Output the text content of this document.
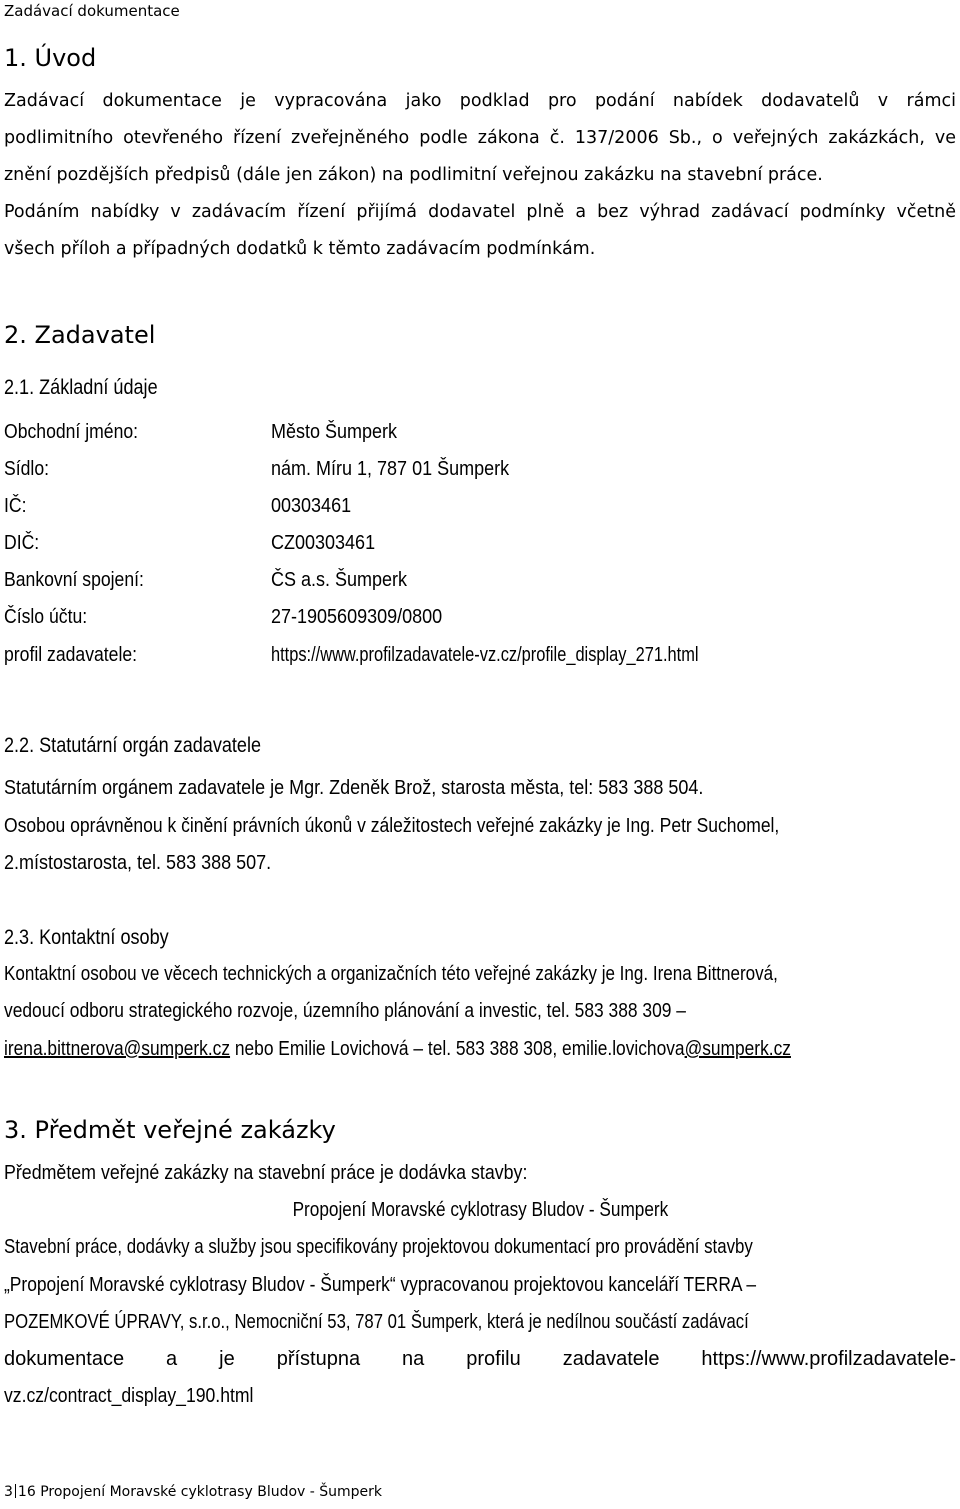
Zadávací dokumentace
1. Úvod
Zadávací dokumentace je vypracována jako podklad pro podání nabídek dodavatelů v rámci
podlimitního otevřeného řízení zveřejněného podle zákona č. 137/2006 Sb., o veřejných zakázkách, ve
znění pozdějších předpisů (dále jen zákon) na podlimitní veřejnou zakázku na stavební práce.
Podáním nabídky v zadávacím řízení přijímá dodavatel plně a bez výhrad zadávací podmínky včetně
všech příloh a případných dodatků k těmto zadávacím podmínkám.
2. Zadavatel
2.1. Základní údaje
Obchodní jméno:	Město Šumperk
Sídlo:	nám. Míru 1, 787 01 Šumperk
IČ:	00303461
DIČ:	CZ00303461
Bankovní spojení:	ČS a.s. Šumperk
Číslo účtu:	27-1905609309/0800
profil zadavatele:	https://www.profilzadavatele-vz.cz/profile_display_271.html
2.2. Statutární orgán zadavatele
Statutárním orgánem zadavatele je Mgr. Zdeněk Brož, starosta města, tel: 583 388 504.
Osobou oprávněnou k činění právních úkonů v záležitostech veřejné zakázky je Ing. Petr Suchomel,
2.místostarosta, tel. 583 388 507.
2.3. Kontaktní osoby
Kontaktní osobou ve věcech technických a organizačních této veřejné zakázky je Ing. Irena Bittnerová,
vedoucí odboru strategického rozvoje, územního plánování a investic, tel. 583 388 309 –
irena.bittnerova@sumperk.cz nebo Emilie Lovichová – tel. 583 388 308, emilie.lovichova@sumperk.cz
3. Předmět veřejné zakázky
Předmětem veřejné zakázky na stavební práce je dodávka stavby:
Propojení Moravské cyklotrasy Bludov - Šumperk
Stavební práce, dodávky a služby jsou specifikovány projektovou dokumentací pro provádění stavby
„Propojení Moravské cyklotrasy Bludov - Šumperk“ vypracovanou projektovou kanceláří TERRA –
POZEMKOVÉ ÚPRAVY, s.r.o., Nemocniční 53, 787 01 Šumperk, která je nedílnou součástí zadávací
dokumentace a je přístupna na profilu zadavatele https://www.profilzadavatele-
vz.cz/contract_display_190.html
3 16 Propojení Moravské cyklotrasy Bludov - Šumperk
